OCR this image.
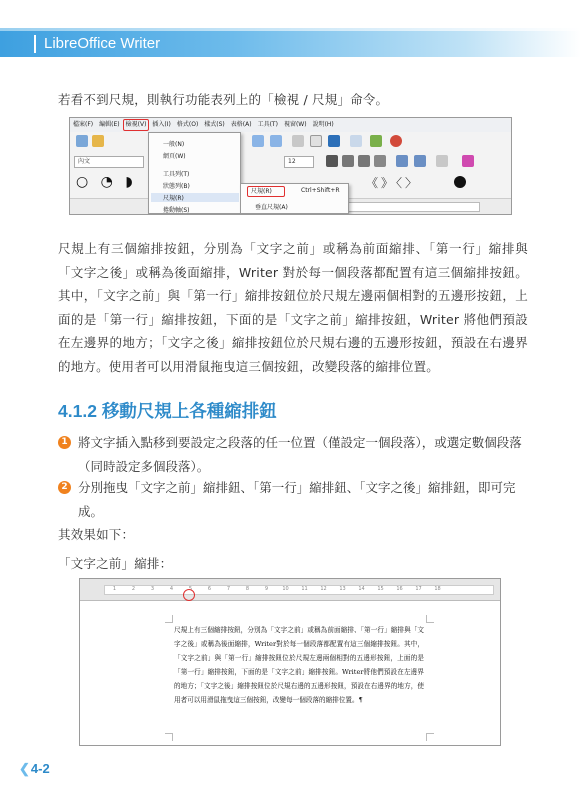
LibreOffice Writer
若看不到尺規，則執行功能表列上的「檢視 / 尺規」命令。
檔案(F) 編輯(E) 檢視(V) 插入(I) 格式(O) 樣式(S) 表格(A) 工具(T) 視窗(W) 說明(H)
內文	12
○ ◔ ◗	《》〈〉
一般(N)
網頁(W)
工具列(T)
狀態列(B)
尺規(R)
捲動軸(S)
尺規(R)	Ctrl+Shift+R
垂直尺規(A)
尺規上有三個縮排按鈕，分別為「文字之前」或稱為前面縮排、「第一行」縮排與「文字之後」或稱為後面縮排，Writer 對於每一個段落都配置有這三個縮排按鈕。其中，「文字之前」與「第一行」縮排按鈕位於尺規左邊兩個相對的五邊形按鈕，上面的是「第一行」縮排按鈕，下面的是「文字之前」縮排按鈕，Writer 將他們預設在左邊界的地方；「文字之後」縮排按鈕位於尺規右邊的五邊形按鈕，預設在右邊界的地方。使用者可以用滑鼠拖曳這三個按鈕，改變段落的縮排位置。
4.1.2 移動尺規上各種縮排鈕
1 將文字插入點移到要設定之段落的任一位置（僅設定一個段落），或選定數個段落（同時設定多個段落）。
2 分別拖曳「文字之前」縮排鈕、「第一行」縮排鈕、「文字之後」縮排鈕，即可完成。
其效果如下：
「文字之前」縮排：
1	2	3	4	5	6	7	8	9	10	11	12	13	14	15	16	17	18
尺規上有三個縮排按鈕，分別為「文字之前」或稱為前面縮排、「第一行」縮排與「文字之後」或稱為後面縮排，Writer對於每一個段落都配置有這三個縮排按鈕。其中，「文字之前」與「第一行」縮排按鈕位於尺規左邊兩個相對的五邊形按鈕，上面的是「第一行」縮排按鈕，下面的是「文字之前」縮排按鈕。Writer將他們預設在左邊界的地方；「文字之後」縮排按鈕位於尺規右邊的五邊形按鈕，預設在右邊界的地方，使用者可以用滑鼠拖曳這三個按鈕，改變每一個段落的縮排位置。¶
❮4-2
